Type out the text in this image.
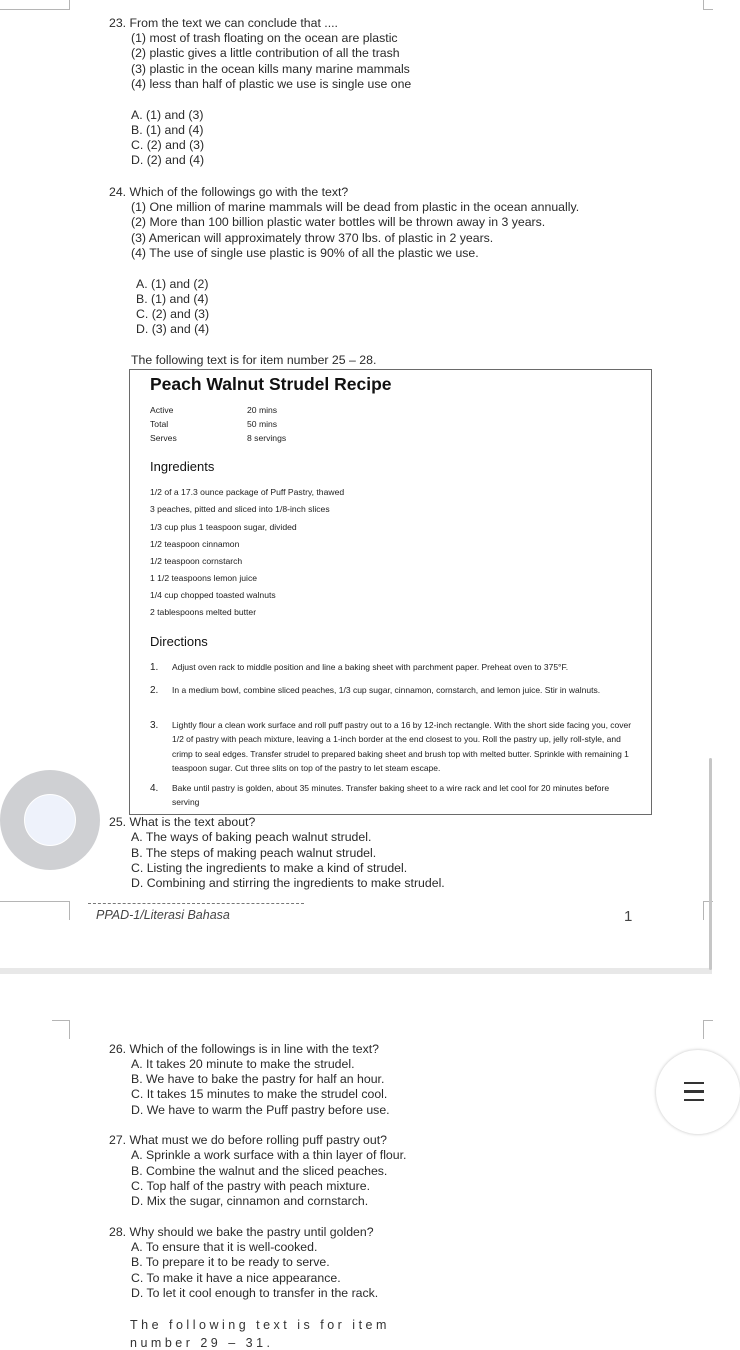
23. From the text we can conclude that ....
(1) most of trash floating on the ocean are plastic
(2) plastic gives a little contribution of all the trash
(3) plastic in the ocean kills many marine mammals
(4) less than half of plastic we use is single use one
A. (1) and (3)
B. (1) and (4)
C. (2) and (3)
D. (2) and (4)
24. Which of the followings go with the text?
(1) One million of marine mammals will be dead from plastic in the ocean annually.
(2) More than 100 billion plastic water bottles will be thrown away in 3 years.
(3) American will approximately throw 370 lbs. of plastic in 2 years.
(4) The use of single use plastic is 90% of all the plastic we use.
A. (1) and (2)
B. (1) and (4)
C. (2) and (3)
D. (3) and (4)
The following text is for item number 25 – 28.
Peach Walnut Strudel Recipe
Active	20 mins
Total	50 mins
Serves	8 servings
Ingredients
1/2 of a 17.3 ounce package of Puff Pastry, thawed
3 peaches, pitted and sliced into 1/8-inch slices
1/3 cup plus 1 teaspoon sugar, divided
1/2 teaspoon cinnamon
1/2 teaspoon cornstarch
1 1/2 teaspoons lemon juice
1/4 cup chopped toasted walnuts
2 tablespoons melted butter
Directions
1. Adjust oven rack to middle position and line a baking sheet with parchment paper. Preheat oven to 375°F.
2. In a medium bowl, combine sliced peaches, 1/3 cup sugar, cinnamon, cornstarch, and lemon juice. Stir in walnuts.
3. Lightly flour a clean work surface and roll puff pastry out to a 16 by 12-inch rectangle. With the short side facing you, cover 1/2 of pastry with peach mixture, leaving a 1-inch border at the end closest to you. Roll the pastry up, jelly roll-style, and crimp to seal edges. Transfer strudel to prepared baking sheet and brush top with melted butter. Sprinkle with remaining 1 teaspoon sugar. Cut three slits on top of the pastry to let steam escape.
4. Bake until pastry is golden, about 35 minutes. Transfer baking sheet to a wire rack and let cool for 20 minutes before serving
25. What is the text about?
A. The ways of baking peach walnut strudel.
B. The steps of making peach walnut strudel.
C. Listing the ingredients to make a kind of strudel.
D. Combining and stirring the ingredients to make strudel.
PPAD-1/Literasi Bahasa	1
26. Which of the followings is in line with the text?
A. It takes 20 minute to make the strudel.
B. We have to bake the pastry for half an hour.
C. It takes 15 minutes to make the strudel cool.
D. We have to warm the Puff pastry before use.
27. What must we do before rolling puff pastry out?
A. Sprinkle a work surface with a thin layer of flour.
B. Combine the walnut and the sliced peaches.
C. Top half of the pastry with peach mixture.
D. Mix the sugar, cinnamon and cornstarch.
28. Why should we bake the pastry until golden?
A. To ensure that it is well-cooked.
B. To prepare it to be ready to serve.
C. To make it have a nice appearance.
D. To let it cool enough to transfer in the rack.
The following text is for item number 29 – 31.
